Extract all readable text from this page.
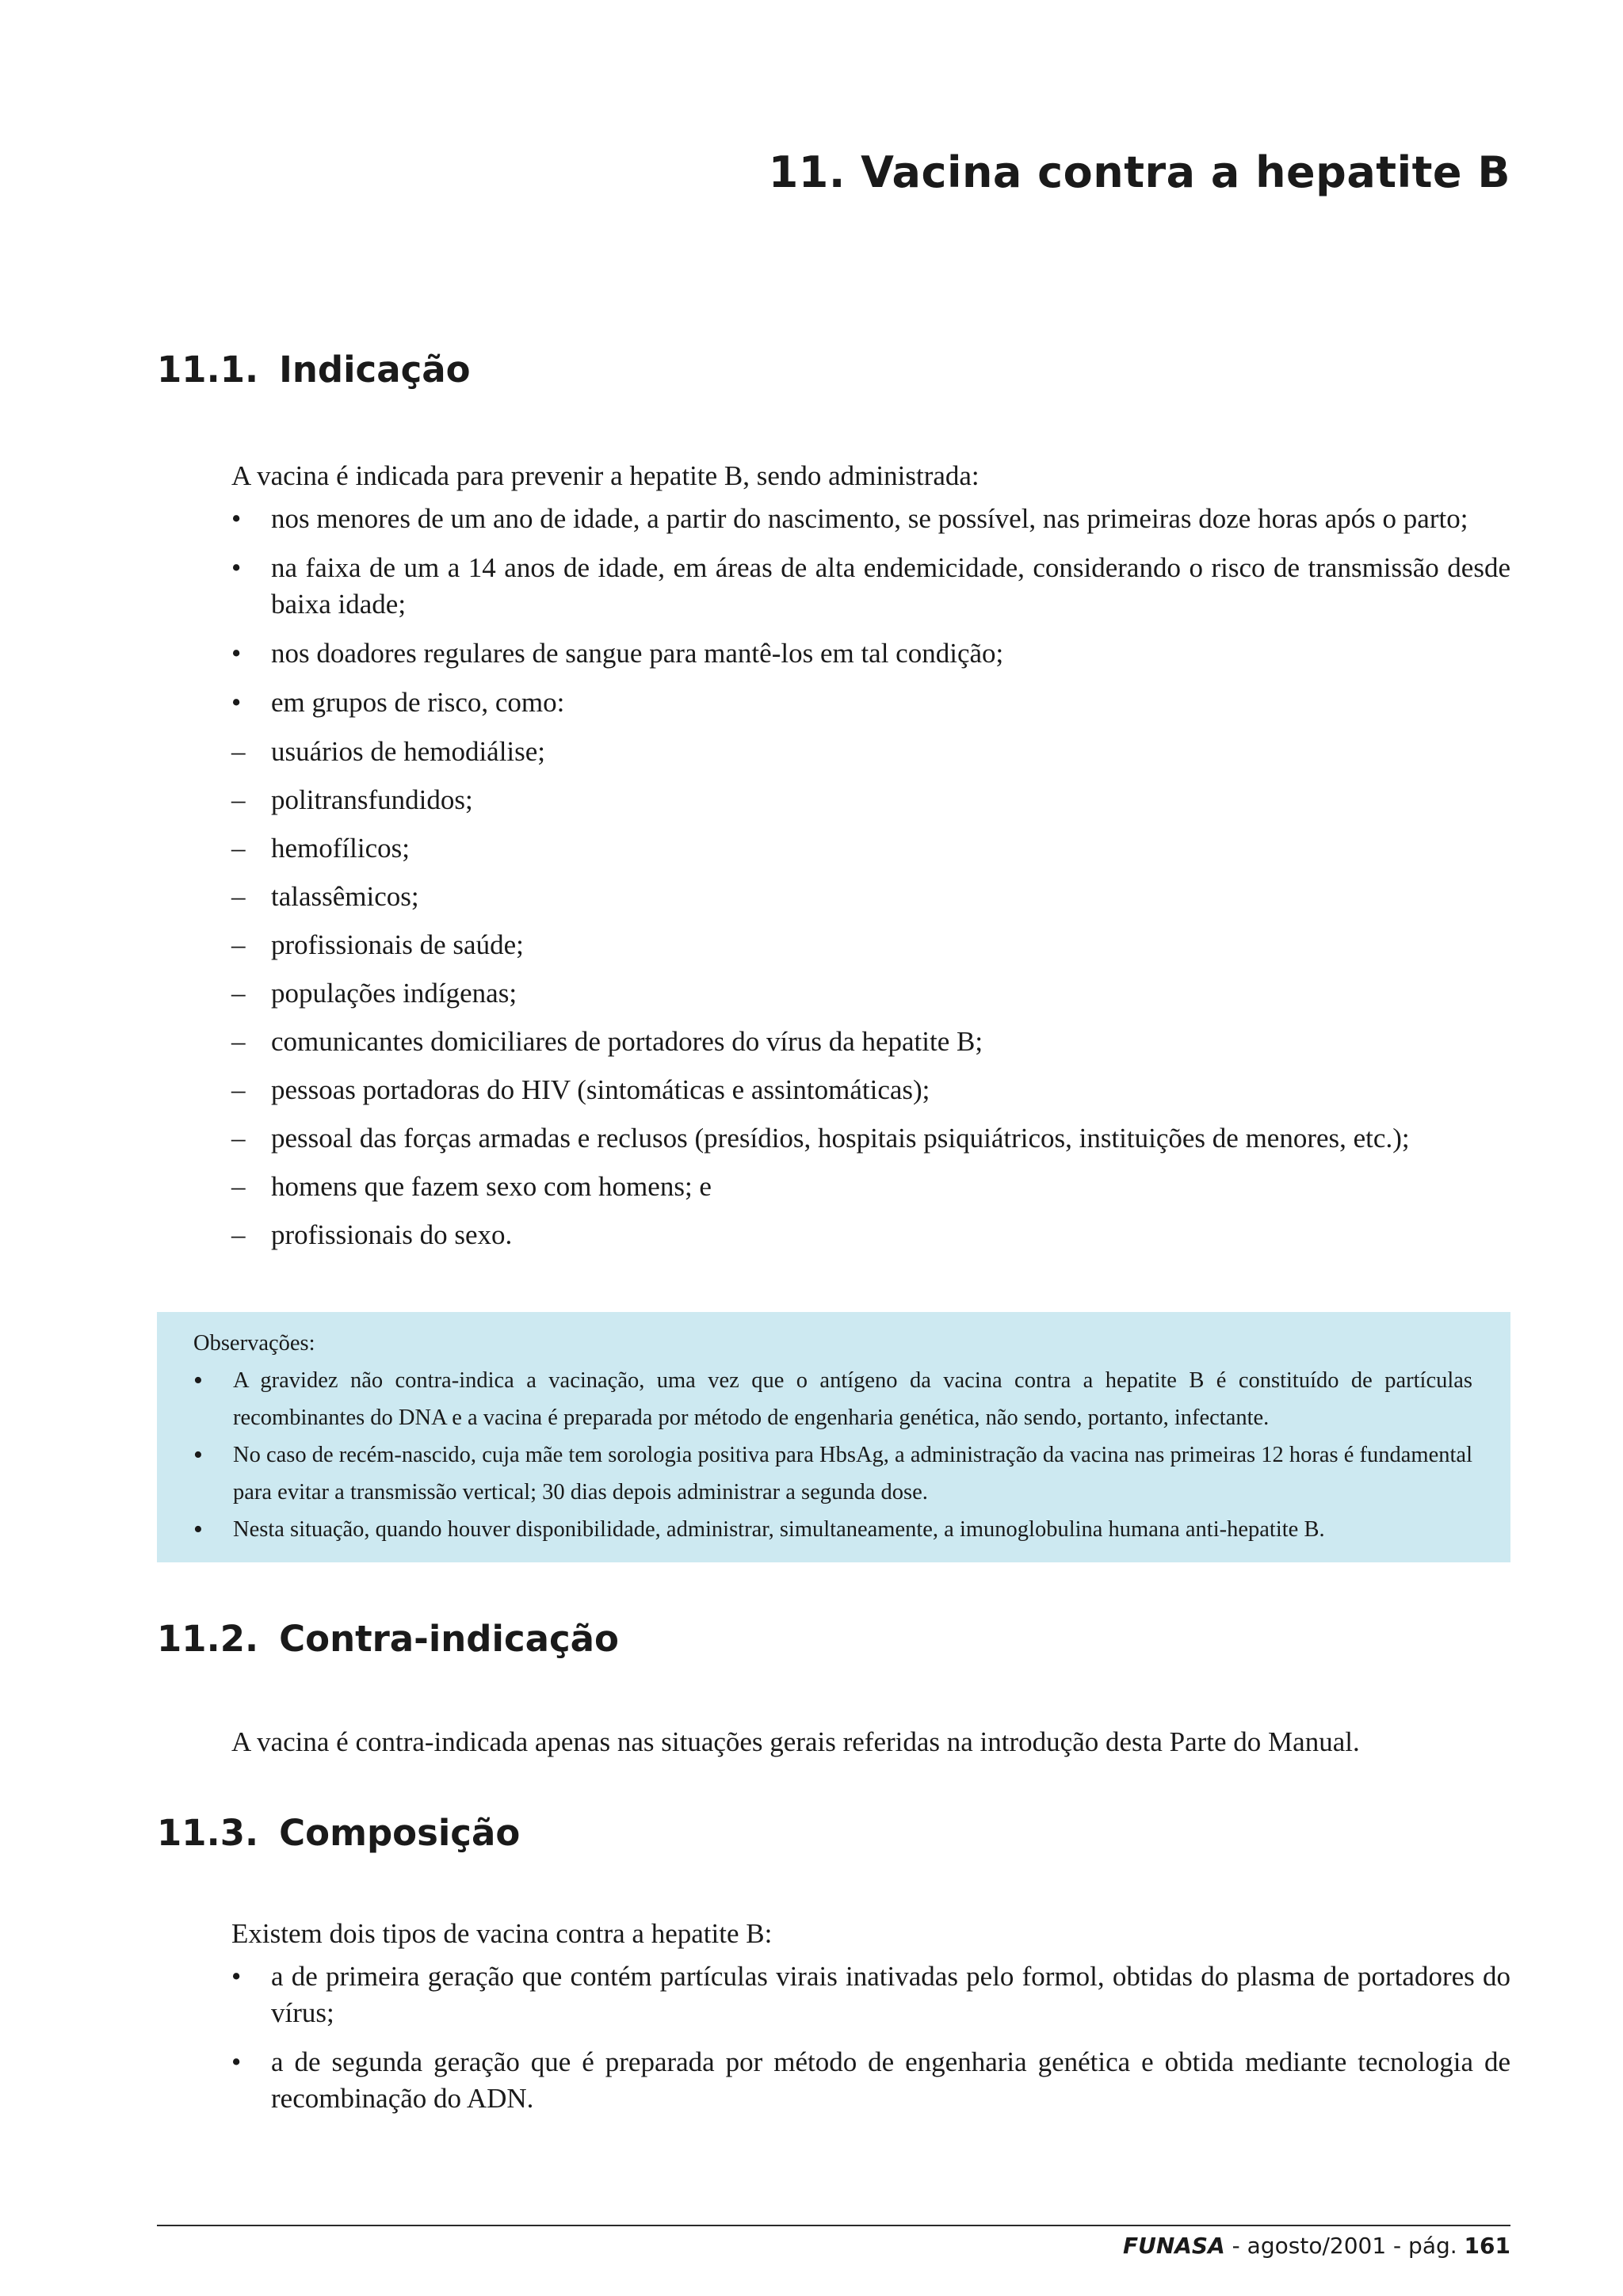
11. Vacina contra a hepatite B
11.1. Indicação

A vacina é indicada para prevenir a hepatite B, sendo administrada:

• nos menores de um ano de idade, a partir do nascimento, se possível, nas primeiras doze horas após o parto;
• na faixa de um a 14 anos de idade, em áreas de alta endemicidade, considerando o risco de transmissão desde baixa idade;
• nos doadores regulares de sangue para mantê-los em tal condição;
• em grupos de risco, como:
– usuários de hemodiálise;
– politransfundidos;
– hemofílicos;
– talassêmicos;
– profissionais de saúde;
– populações indígenas;
– comunicantes domiciliares de portadores do vírus da hepatite B;
– pessoas portadoras do HIV (sintomáticas e assintomáticas);
– pessoal das forças armadas e reclusos (presídios, hospitais psiquiátricos, instituições de menores, etc.);
– homens que fazem sexo com homens; e
– profissionais do sexo.

Observações:

• A gravidez não contra-indica a vacinação, uma vez que o antígeno da vacina contra a hepatite B é constituído de partículas recombinantes do DNA e a vacina é preparada por método de engenharia genética, não sendo, portanto, infectante.
• No caso de recém-nascido, cuja mãe tem sorologia positiva para HbsAg, a administração da vacina nas primeiras 12 horas é fundamental para evitar a transmissão vertical; 30 dias depois administrar a segunda dose.
• Nesta situação, quando houver disponibilidade, administrar, simultaneamente, a imunoglobulina humana anti-hepatite B.
11.2. Contra-indicação

A vacina é contra-indicada apenas nas situações gerais referidas na introdução desta Parte do Manual.

11.3. Composição

Existem dois tipos de vacina contra a hepatite B:

• a de primeira geração que contém partículas virais inativadas pelo formol, obtidas do plasma de portadores do vírus;
• a de segunda geração que é preparada por método de engenharia genética e obtida mediante tecnologia de recombinação do ADN.

FUNASA - agosto/2001 - pág. 161
